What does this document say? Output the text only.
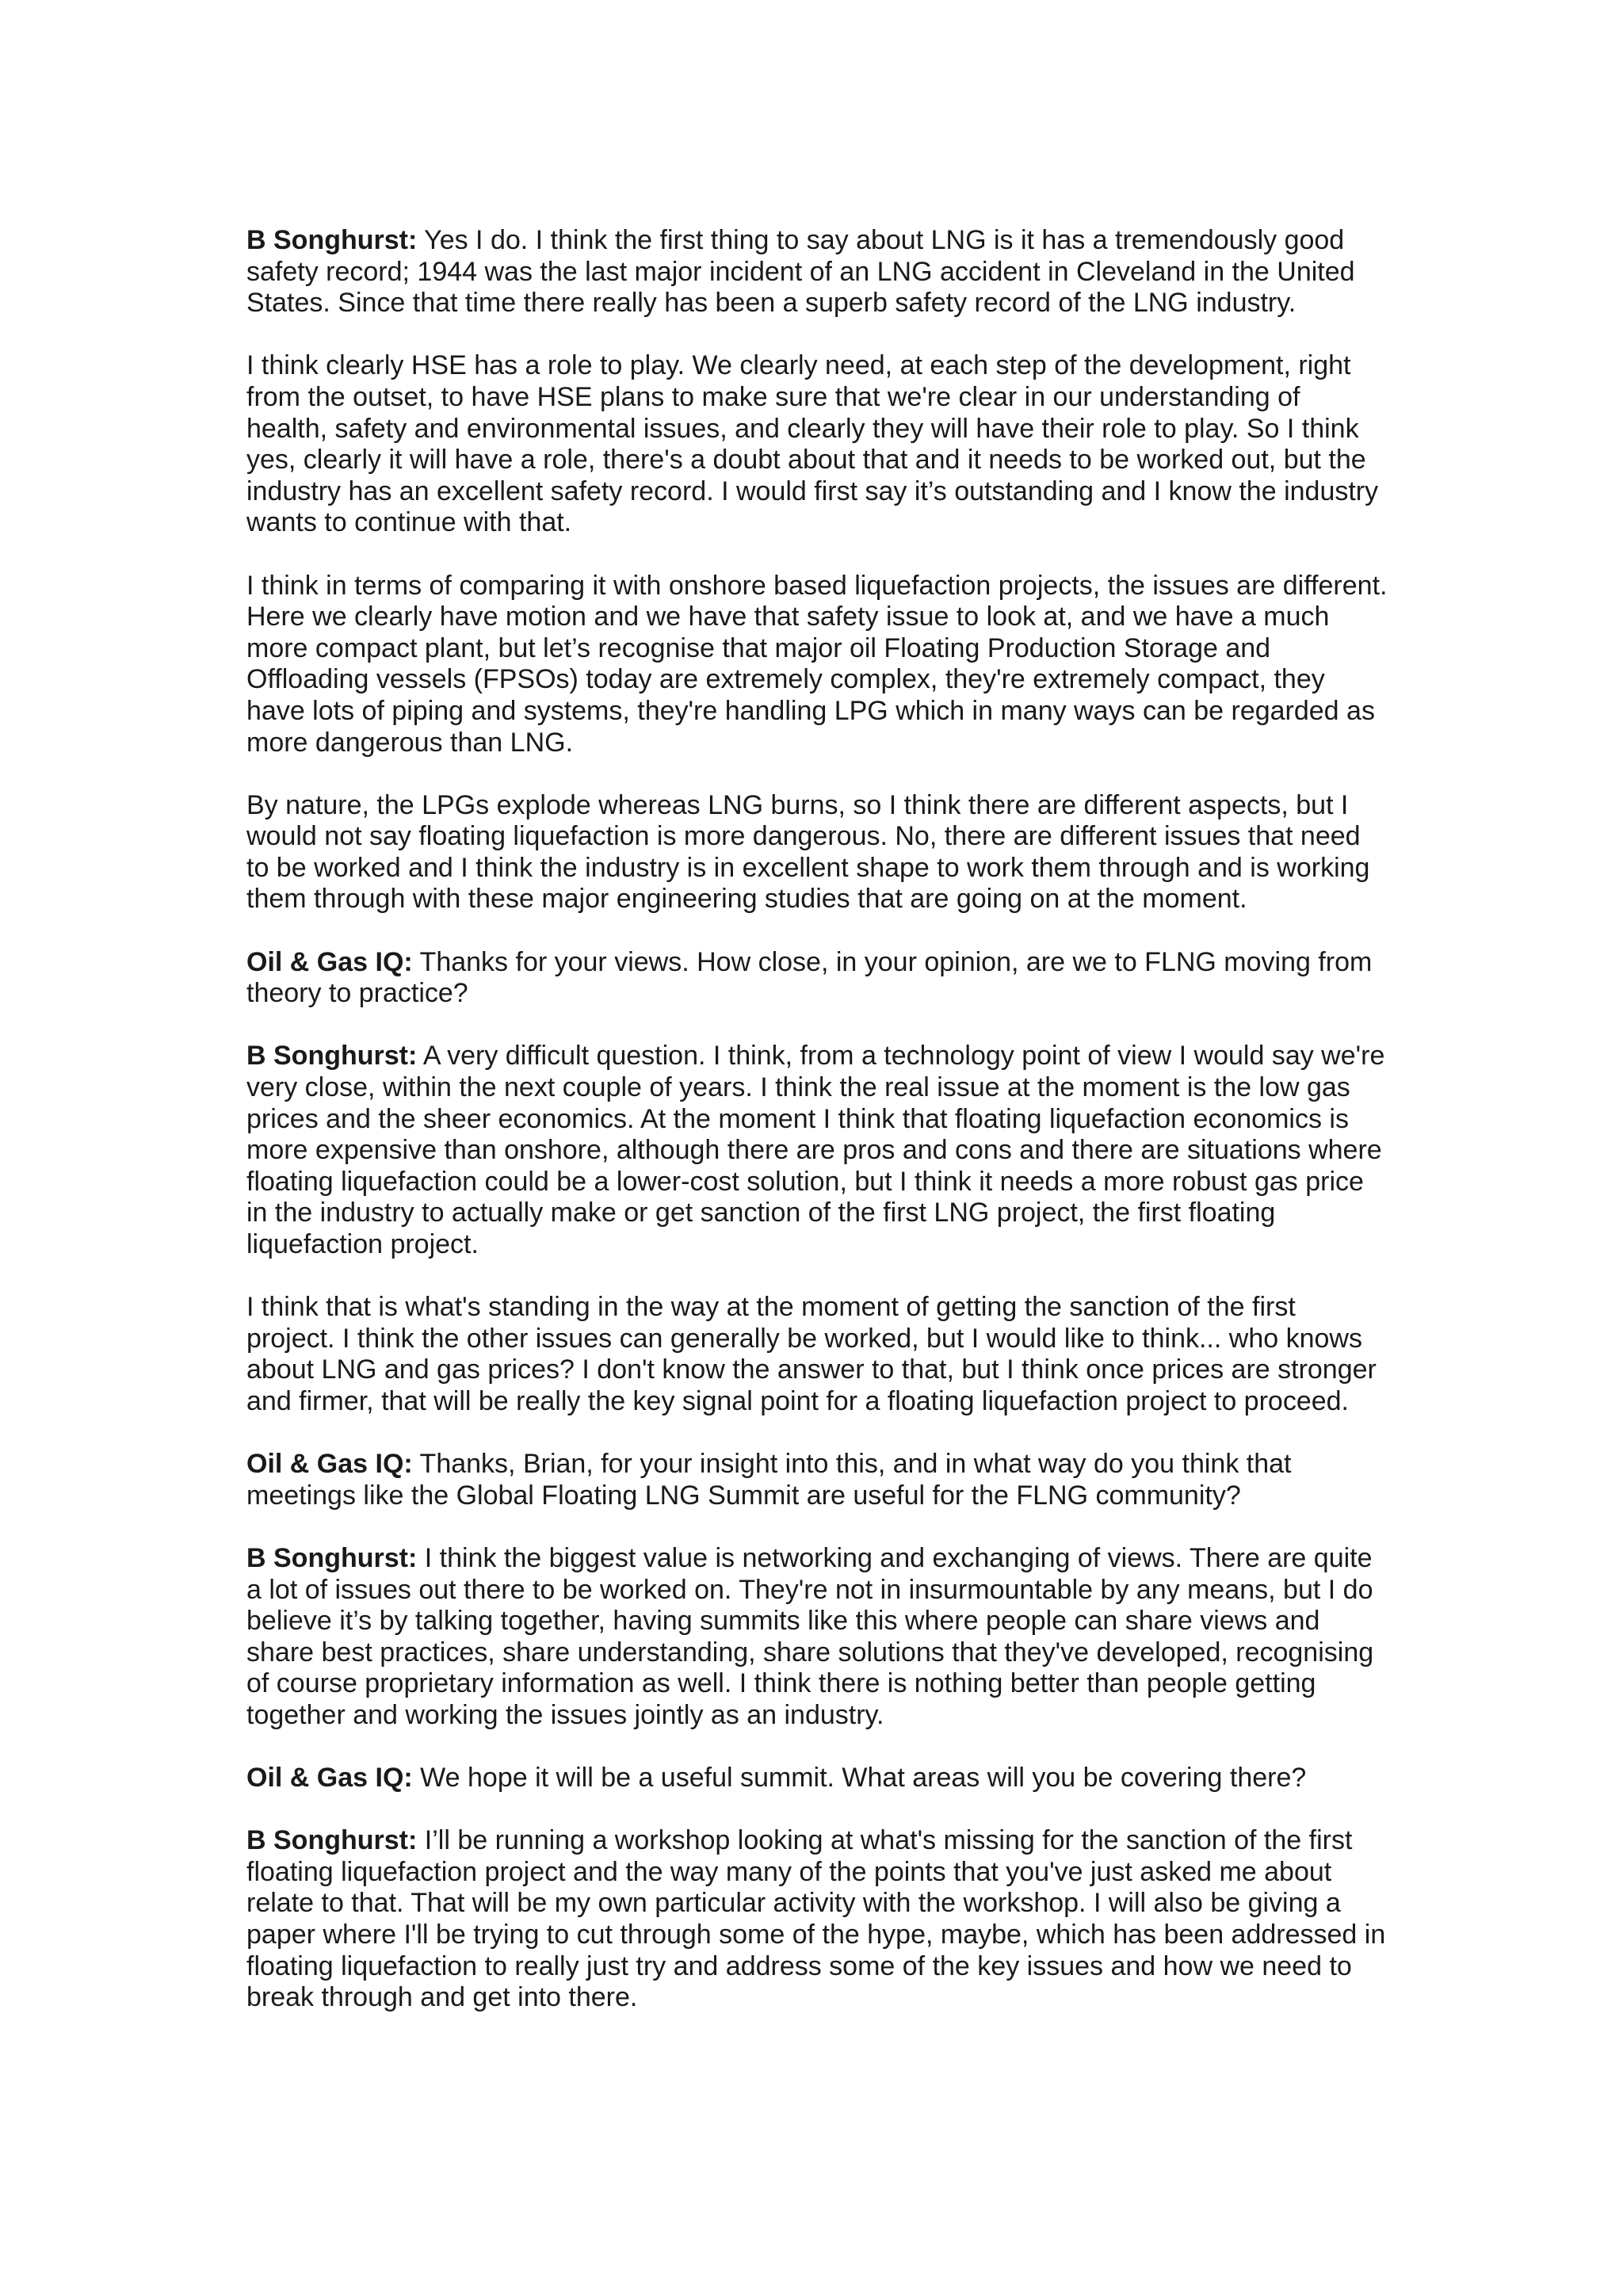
B Songhurst: Yes I do. I think the first thing to say about LNG is it has a tremendously good safety record; 1944 was the last major incident of an LNG accident in Cleveland in the United States. Since that time there really has been a superb safety record of the LNG industry.

I think clearly HSE has a role to play. We clearly need, at each step of the development, right from the outset, to have HSE plans to make sure that we're clear in our understanding of health, safety and environmental issues, and clearly they will have their role to play. So I think yes, clearly it will have a role, there's a doubt about that and it needs to be worked out, but the industry has an excellent safety record. I would first say it’s outstanding and I know the industry wants to continue with that.

I think in terms of comparing it with onshore based liquefaction projects, the issues are different. Here we clearly have motion and we have that safety issue to look at, and we have a much more compact plant, but let’s recognise that major oil Floating Production Storage and Offloading vessels (FPSOs) today are extremely complex, they're extremely compact, they have lots of piping and systems, they're handling LPG which in many ways can be regarded as more dangerous than LNG.

By nature, the LPGs explode whereas LNG burns, so I think there are different aspects, but I would not say floating liquefaction is more dangerous. No, there are different issues that need to be worked and I think the industry is in excellent shape to work them through and is working them through with these major engineering studies that are going on at the moment.

Oil & Gas IQ: Thanks for your views. How close, in your opinion, are we to FLNG moving from theory to practice?

B Songhurst: A very difficult question. I think, from a technology point of view I would say we're very close, within the next couple of years. I think the real issue at the moment is the low gas prices and the sheer economics. At the moment I think that floating liquefaction economics is more expensive than onshore, although there are pros and cons and there are situations where floating liquefaction could be a lower-cost solution, but I think it needs a more robust gas price in the industry to actually make or get sanction of the first LNG project, the first floating liquefaction project.

I think that is what's standing in the way at the moment of getting the sanction of the first project. I think the other issues can generally be worked, but I would like to think... who knows about LNG and gas prices? I don't know the answer to that, but I think once prices are stronger and firmer, that will be really the key signal point for a floating liquefaction project to proceed.

Oil & Gas IQ: Thanks, Brian, for your insight into this, and in what way do you think that meetings like the Global Floating LNG Summit are useful for the FLNG community?

B Songhurst: I think the biggest value is networking and exchanging of views. There are quite a lot of issues out there to be worked on. They're not in insurmountable by any means, but I do believe it’s by talking together, having summits like this where people can share views and share best practices, share understanding, share solutions that they've developed, recognising of course proprietary information as well. I think there is nothing better than people getting together and working the issues jointly as an industry.

Oil & Gas IQ: We hope it will be a useful summit. What areas will you be covering there?

B Songhurst: I’ll be running a workshop looking at what's missing for the sanction of the first floating liquefaction project and the way many of the points that you've just asked me about relate to that. That will be my own particular activity with the workshop. I will also be giving a paper where I'll be trying to cut through some of the hype, maybe, which has been addressed in floating liquefaction to really just try and address some of the key issues and how we need to break through and get into there.
